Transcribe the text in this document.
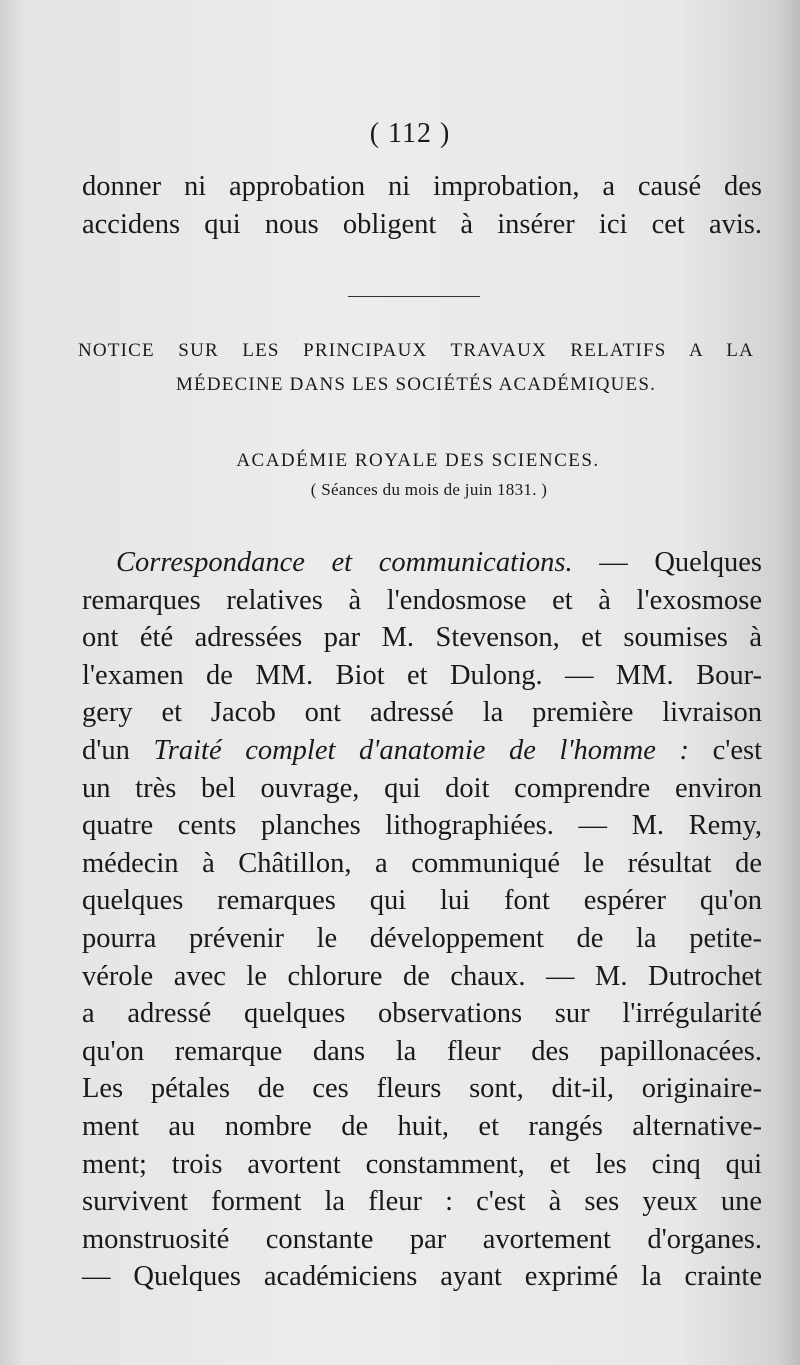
( 112 )
donner ni approbation ni improbation, a causé des
accidens qui nous obligent à insérer ici cet avis.
NOTICE SUR LES PRINCIPAUX TRAVAUX RELATIFS A LA
MÉDECINE DANS LES SOCIÉTÉS ACADÉMIQUES.
ACADÉMIE ROYALE DES SCIENCES.
( Séances du mois de juin 1831. )
Correspondance et communications. — Quelques
remarques relatives à l'endosmose et à l'exosmose
ont été adressées par M. Stevenson, et soumises à
l'examen de MM. Biot et Dulong. — MM. Bour-
gery et Jacob ont adressé la première livraison
d'un Traité complet d'anatomie de l'homme : c'est
un très bel ouvrage, qui doit comprendre environ
quatre cents planches lithographiées. — M. Remy,
médecin à Châtillon, a communiqué le résultat de
quelques remarques qui lui font espérer qu'on
pourra prévenir le développement de la petite-
vérole avec le chlorure de chaux. — M. Dutrochet
a adressé quelques observations sur l'irrégularité
qu'on remarque dans la fleur des papillonacées.
Les pétales de ces fleurs sont, dit-il, originaire-
ment au nombre de huit, et rangés alternative-
ment; trois avortent constamment, et les cinq qui
survivent forment la fleur : c'est à ses yeux une
monstruosité constante par avortement d'organes.
— Quelques académiciens ayant exprimé la crainte
